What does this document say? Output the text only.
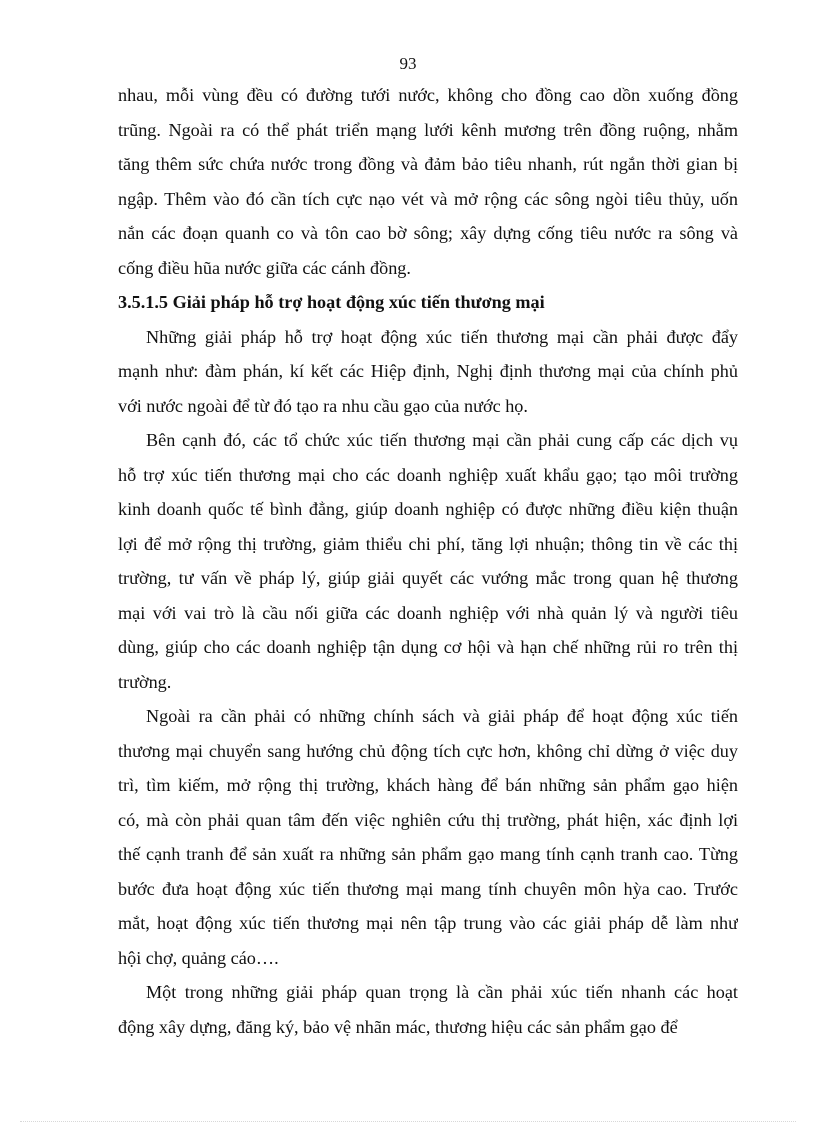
93
nhau, mỗi vùng đều có đường tưới nước, không cho đồng cao dồn xuống đồng
trũng. Ngoài ra có thể phát triển mạng lưới kênh mương trên đồng ruộng, nhằm
tăng thêm sức chứa nước trong đồng và đảm bảo tiêu nhanh, rút ngắn thời gian bị
ngập. Thêm vào đó cần tích cực nạo vét và mở rộng các sông ngòi tiêu thủy, uốn
nắn các đoạn quanh co và tôn cao bờ sông; xây dựng cống tiêu nước ra sông và
cống điều hũa nước giữa các cánh đồng.
3.5.1.5 Giải pháp hỗ trợ hoạt động xúc tiến thương mại
Những giải pháp hỗ trợ hoạt động xúc tiến thương mại cần phải được đẩy
mạnh như: đàm phán, kí kết các Hiệp định, Nghị định thương mại của chính phủ
với nước ngoài để từ đó tạo ra nhu cầu gạo của nước họ.
Bên cạnh đó, các tổ chức xúc tiến thương mại cần phải cung cấp các dịch vụ
hỗ trợ xúc tiến thương mại cho các doanh nghiệp xuất khẩu gạo; tạo môi trường
kinh doanh quốc tế bình đẳng, giúp doanh nghiệp có được những điều kiện thuận
lợi để mở rộng thị trường, giảm thiểu chi phí, tăng lợi nhuận; thông tin về các thị
trường, tư vấn về pháp lý, giúp giải quyết các vướng mắc trong quan hệ thương
mại với vai trò là cầu nối giữa các doanh nghiệp với nhà quản lý và người tiêu
dùng, giúp cho các doanh nghiệp tận dụng cơ hội và hạn chế những rủi ro trên thị
trường.
Ngoài ra cần phải có những chính sách và giải pháp để hoạt động xúc tiến
thương mại chuyển sang hướng chủ động tích cực hơn, không chỉ dừng ở việc duy
trì, tìm kiếm, mở rộng thị trường, khách hàng để bán những sản phẩm gạo hiện
có, mà còn phải quan tâm đến việc nghiên cứu thị trường, phát hiện, xác định lợi
thế cạnh tranh để sản xuất ra những sản phẩm gạo mang tính cạnh tranh cao. Từng
bước đưa hoạt động xúc tiến thương mại mang tính chuyên môn hỳa cao. Trước
mắt, hoạt động xúc tiến thương mại nên tập trung vào các giải pháp dễ làm như
hội chợ, quảng cáo….
Một trong những giải pháp quan trọng là cần phải xúc tiến nhanh các hoạt
động xây dựng, đăng ký, bảo vệ nhãn mác, thương hiệu các sản phẩm gạo để
